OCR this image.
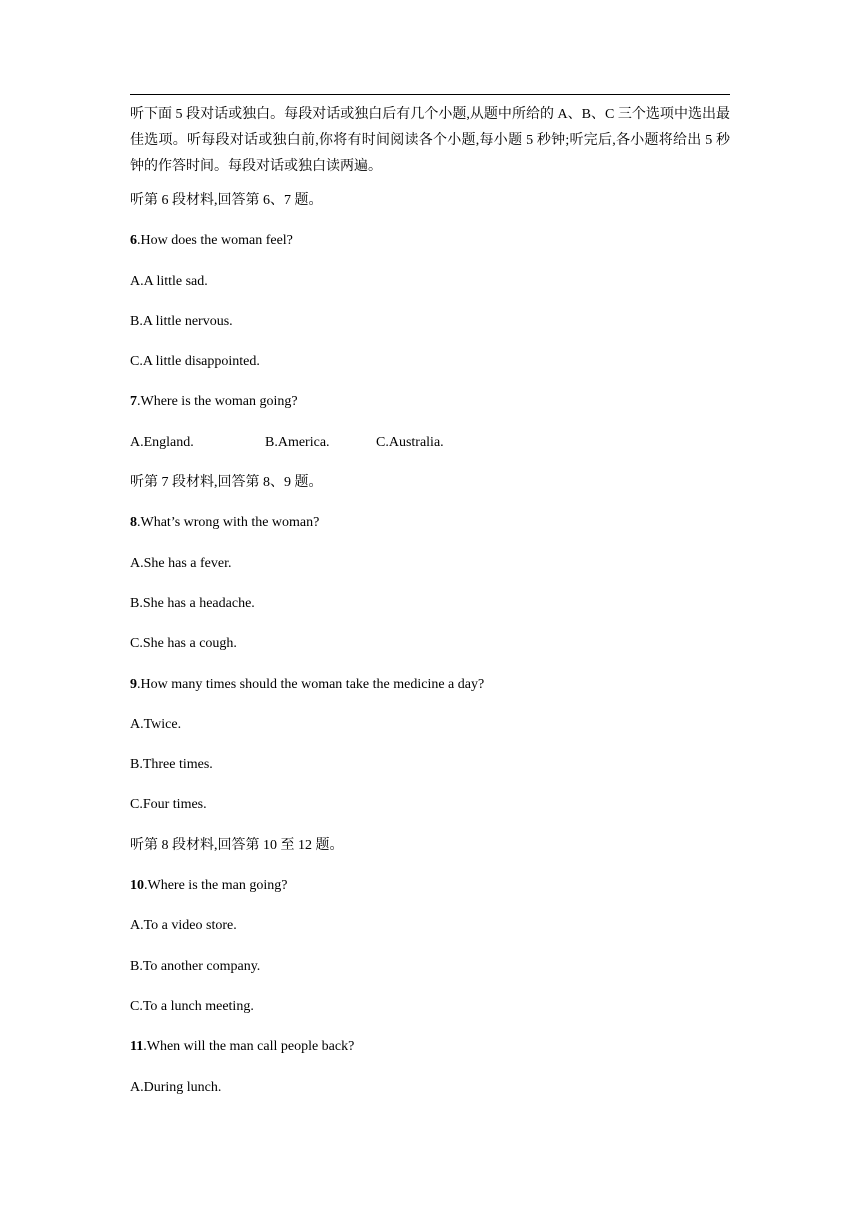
听下面 5 段对话或独白。每段对话或独白后有几个小题,从题中所给的 A、B、C 三个选项中选出最佳选项。听每段对话或独白前,你将有时间阅读各个小题,每小题 5 秒钟;听完后,各小题将给出 5 秒钟的作答时间。每段对话或独白读两遍。

听第 6 段材料,回答第 6、7 题。

6.How does the woman feel?

A.A little sad.

B.A little nervous.

C.A little disappointed.

7.Where is the woman going?

A.England.	B.America.	C.Australia.

听第 7 段材料,回答第 8、9 题。

8.What’s wrong with the woman?

A.She has a fever.

B.She has a headache.

C.She has a cough.

9.How many times should the woman take the medicine a day?

A.Twice.

B.Three times.

C.Four times.

听第 8 段材料,回答第 10 至 12 题。

10.Where is the man going?

A.To a video store.

B.To another company.

C.To a lunch meeting.

11.When will the man call people back?

A.During lunch.
